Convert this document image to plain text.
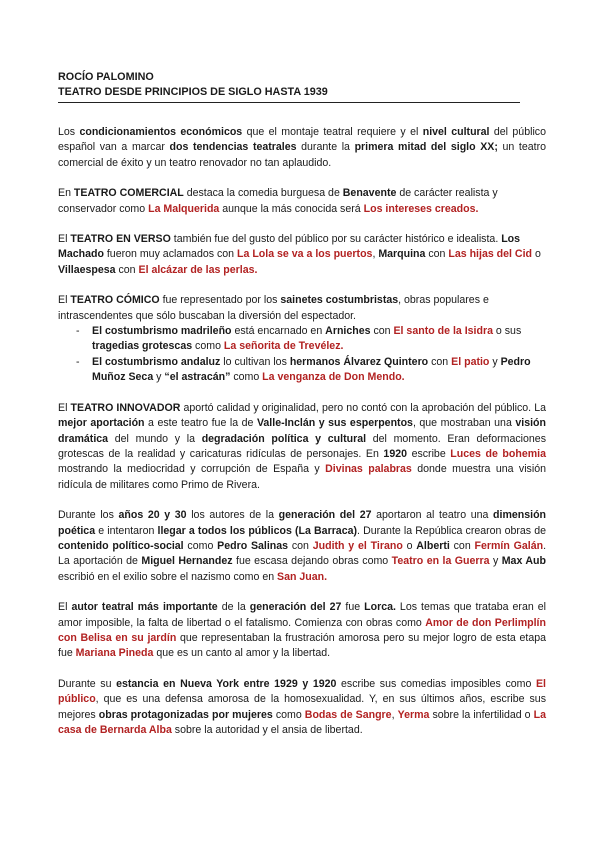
ROCÍO PALOMINO
TEATRO DESDE PRINCIPIOS DE SIGLO HASTA 1939

Los condicionamientos económicos que el montaje teatral requiere y el nivel cultural del público español van a marcar dos tendencias teatrales durante la primera mitad del siglo XX; un teatro comercial de éxito y un teatro renovador no tan aplaudido.

En TEATRO COMERCIAL destaca la comedia burguesa de Benavente de carácter realista y conservador como La Malquerida aunque la más conocida será Los intereses creados.

El TEATRO EN VERSO también fue del gusto del público por su carácter histórico e idealista. Los Machado fueron muy aclamados con La Lola se va a los puertos, Marquina con Las hijas del Cid o Villaespesa con El alcázar de las perlas.

El TEATRO CÓMICO fue representado por los sainetes costumbristas, obras populares e intrascendentes que sólo buscaban la diversión del espectador.

- El costumbrismo madrileño está encarnado en Arniches con El santo de la Isidra o sus tragedias grotescas como La señorita de Trevélez.
- El costumbrismo andaluz lo cultivan los hermanos Álvarez Quintero con El patio y Pedro Muñoz Seca y “el astracán” como La venganza de Don Mendo.

El TEATRO INNOVADOR aportó calidad y originalidad, pero no contó con la aprobación del público. La mejor aportación a este teatro fue la de Valle-Inclán y sus esperpentos, que mostraban una visión dramática del mundo y la degradación política y cultural del momento. Eran deformaciones grotescas de la realidad y caricaturas ridículas de personajes. En 1920 escribe Luces de bohemia mostrando la mediocridad y corrupción de España y Divinas palabras donde muestra una visión ridícula de militares como Primo de Rivera.

Durante los años 20 y 30 los autores de la generación del 27 aportaron al teatro una dimensión poética e intentaron llegar a todos los públicos (La Barraca). Durante la República crearon obras de contenido político-social como Pedro Salinas con Judith y el Tirano o Alberti con Fermín Galán. La aportación de Miguel Hernandez fue escasa dejando obras como Teatro en la Guerra y Max Aub escribió en el exilio sobre el nazismo como en San Juan.

El autor teatral más importante de la generación del 27 fue Lorca. Los temas que trataba eran el amor imposible, la falta de libertad o el fatalismo. Comienza con obras como Amor de don Perlimplín con Belisa en su jardín que representaban la frustración amorosa pero su mejor logro de esta etapa fue Mariana Pineda que es un canto al amor y la libertad.

Durante su estancia en Nueva York entre 1929 y 1920 escribe sus comedias imposibles como El público, que es una defensa amorosa de la homosexualidad. Y, en sus últimos años, escribe sus mejores obras protagonizadas por mujeres como Bodas de Sangre, Yerma sobre la infertilidad o La casa de Bernarda Alba sobre la autoridad y el ansia de libertad.
